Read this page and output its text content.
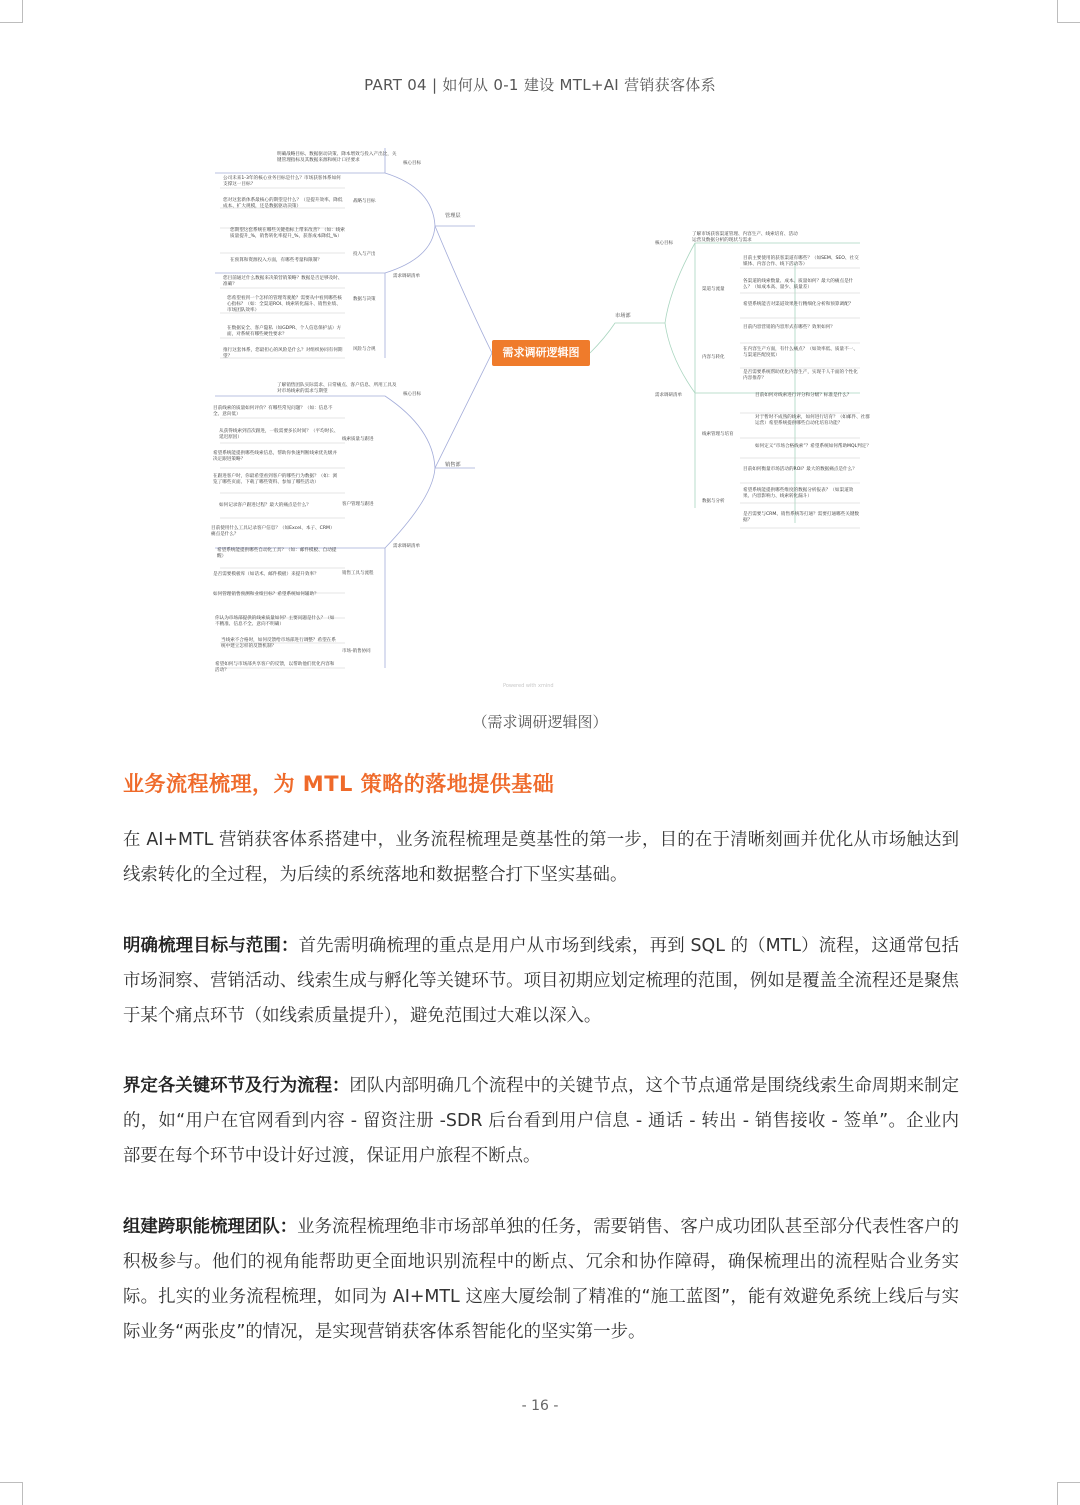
PART 04 | 如何从 0-1 建设 MTL+AI 营销获客体系
需求调研逻辑图
管理层
市场部
销售部
核心目标
战略与目标
投入与产出
数据与决策
风险与合规
需求调研清单
核心目标
渠道与流量
内容与转化
线索管理与培育
数据与分析
需求调研清单
核心目标
线索质量与跟进
客户管理与跟进
销售工具与流程
市场-销售协同
需求调研清单
明确战略目标、数据驱动决策、降本增效与投入产出比，关键管理指标及其数据来源和统计口径要求
公司未来1-3年的核心业务目标是什么？市场获客体系如何支撑这一目标？
您对这套新体系最核心的期望是什么？（是提升效率、降低成本、扩大规模，还是数据驱动决策）
您期望这套系统在哪些关键指标上带来改善？（如：线索质量提升_%，销售转化率提升_%，获客成本降低_%）
在预算和资源投入方面，有哪些考量和限制？
您目前通过什么数据来决策营销策略？数据是否足够及时、准确？
您希望看到一个怎样的管理驾驶舱？需要从中看到哪些核心指标？（如：全渠道ROI、线索转化漏斗、销售业绩、市场团队效率）
在数据安全、客户隐私（如GDPR、个人信息保护法）方面，对系统有哪些硬性要求？
推行这套体系，您最担心的风险是什么？对组织协同有何期望？
了解销售团队实际需求、日常痛点、客户信息、所用工具及对市场线索的需求与期望
目前线索的质量如何评价？有哪些常见问题？（如：信息不全、意向低）
从获得线索到首次跟进，一般需要多长时间？（平均时长、延迟原因）
希望系统能提供哪些线索信息，帮助你快速判断线索优先级并决定跟进策略？
在跟进客户时，你最希望看到客户的哪些行为数据？（如：浏览了哪些页面、下载了哪些资料、参加了哪些活动）
如何记录客户跟进过程？最大的痛点是什么？
目前使用什么工具记录客户信息？（如Excel、本子、CRM）痛点是什么？
希望系统能提供哪些自动化工具？（如：邮件模板、自动提醒）
是否需要模板库（如话术、邮件模板）来提升效率？
如何管理销售预测和业绩目标？希望系统如何辅助？
你认为市场部提供的线索质量如何？主要问题是什么？（如不精准、信息不全、意向不明确）
当线索不合格时，如何反馈给市场部进行调整？希望在系统中建立怎样的反馈机制？
希望如何与市场部共享客户的反馈，以帮助他们优化内容和活动？
了解市场获客渠道管理、内容生产、线索培育、活动运营及数据分析的现状与需求
目前主要使用的获客渠道有哪些？（如SEM、SEO、社交媒体、内容合作、线下活动等）
各渠道的线索数量、成本、质量如何？最大的痛点是什么？（如成本高、量少、质量差）
希望系统能否对渠道效果进行精细化分析和预算调配？
目前内容营销的内容形式有哪些？效果如何？
在内容生产方面，有什么痛点？（如效率低、质量不一、与渠道匹配度低）
是否需要系统帮助优化内容生产，实现千人千面的个性化内容推荐？
目前如何对线索进行评分和分级？标准是什么？
对于暂时不成熟的线索，如何进行培育？（如邮件、社群运营）希望系统提供哪些自动化培育功能？
如何定义“市场合格线索”？希望系统如何帮助MQL判定？
目前如何衡量市场活动的ROI？最大的数据痛点是什么？
希望系统能提供哪些维度的数据分析报表？（如渠道效果、内容影响力、线索转化漏斗）
是否需要与CRM、销售系统等打通？需要打通哪些关键数据？
Powered with xmind
（需求调研逻辑图）
业务流程梳理，为 MTL 策略的落地提供基础
在 AI+MTL 营销获客体系搭建中，业务流程梳理是奠基性的第一步，目的在于清晰刻画并优化从市场触达到线索转化的全过程，为后续的系统落地和数据整合打下坚实基础。
明确梳理目标与范围：首先需明确梳理的重点是用户从市场到线索，再到 SQL 的（MTL）流程，这通常包括市场洞察、营销活动、线索生成与孵化等关键环节。项目初期应划定梳理的范围，例如是覆盖全流程还是聚焦于某个痛点环节（如线索质量提升），避免范围过大难以深入。
界定各关键环节及行为流程：团队内部明确几个流程中的关键节点，这个节点通常是围绕线索生命周期来制定的，如“用户在官网看到内容 - 留资注册 -SDR 后台看到用户信息 - 通话 - 转出 - 销售接收 - 签单”。企业内部要在每个环节中设计好过渡，保证用户旅程不断点。
组建跨职能梳理团队：业务流程梳理绝非市场部单独的任务，需要销售、客户成功团队甚至部分代表性客户的积极参与。他们的视角能帮助更全面地识别流程中的断点、冗余和协作障碍，确保梳理出的流程贴合业务实际。扎实的业务流程梳理，如同为 AI+MTL 这座大厦绘制了精准的“施工蓝图”，能有效避免系统上线后与实际业务“两张皮”的情况，是实现营销获客体系智能化的坚实第一步。
- 16 -
